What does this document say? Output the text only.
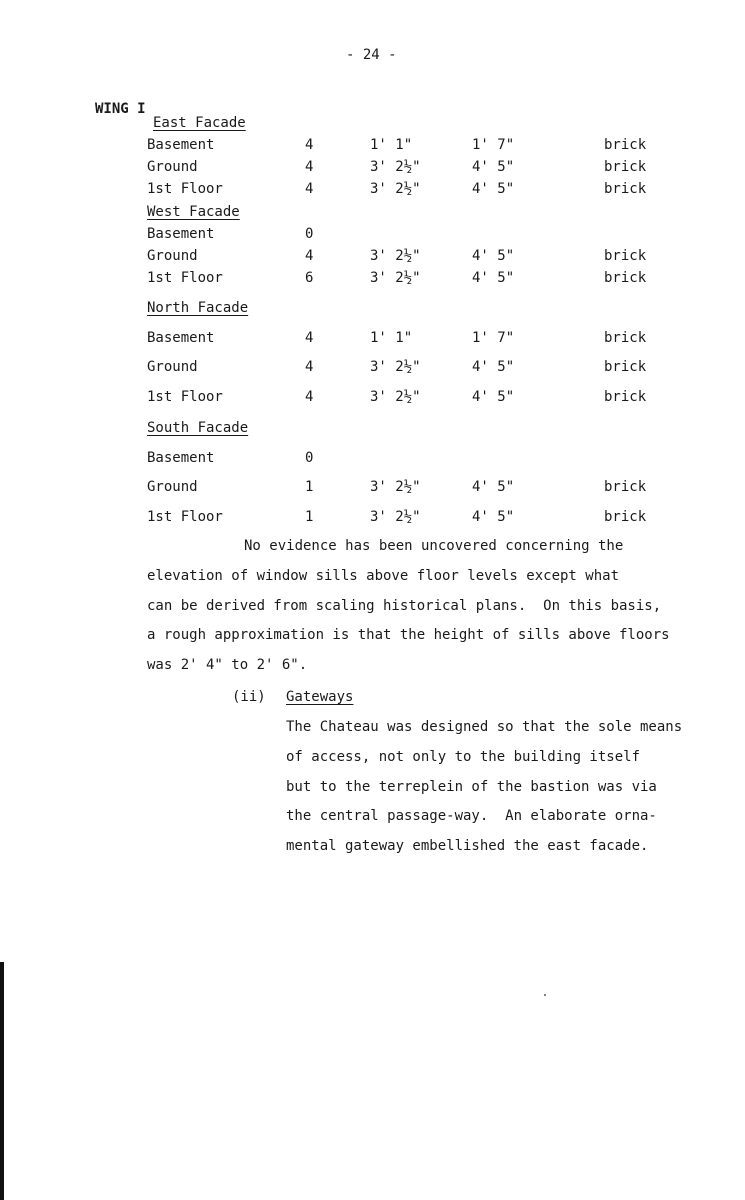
- 24 -
WING I
East Facade
Basement	4	1' 1"	1' 7"	brick
Ground	4	3' 2½"	4' 5"	brick
1st Floor	4	3' 2½"	4' 5"	brick
West Facade
Basement	0
Ground	4	3' 2½"	4' 5"	brick
1st Floor	6	3' 2½"	4' 5"	brick
North Facade
Basement	4	1' 1"	1' 7"	brick
Ground	4	3' 2½"	4' 5"	brick
1st Floor	4	3' 2½"	4' 5"	brick
South Facade
Basement	0
Ground	1	3' 2½"	4' 5"	brick
1st Floor	1	3' 2½"	4' 5"	brick
No evidence has been uncovered concerning the
elevation of window sills above floor levels except what
can be derived from scaling historical plans.  On this basis,
a rough approximation is that the height of sills above floors
was 2' 4" to 2' 6".
(ii) Gateways
The Chateau was designed so that the sole means
of access, not only to the building itself
but to the terreplein of the bastion was via
the central passage-way.  An elaborate orna-
mental gateway embellished the east facade.
